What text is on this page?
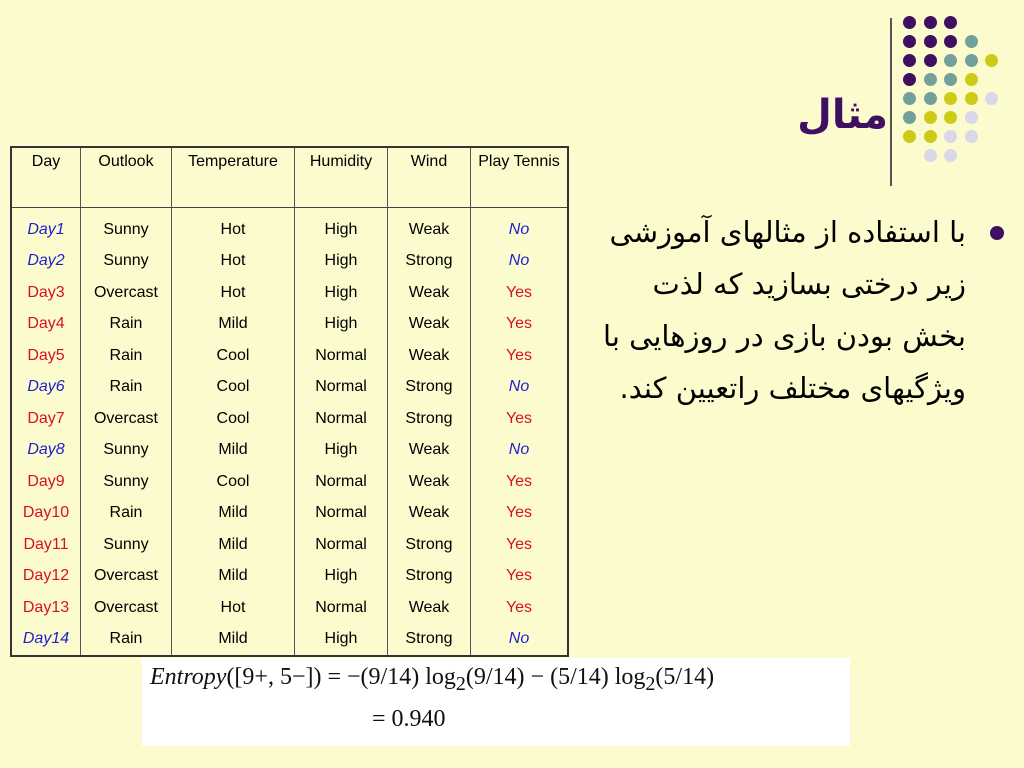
مثال
Day	Outlook	Temperature	Humidity	Wind	Play Tennis
Day1	Sunny	Hot	High	Weak	No
Day2	Sunny	Hot	High	Strong	No
Day3	Overcast	Hot	High	Weak	Yes
Day4	Rain	Mild	High	Weak	Yes
Day5	Rain	Cool	Normal	Weak	Yes
Day6	Rain	Cool	Normal	Strong	No
Day7	Overcast	Cool	Normal	Strong	Yes
Day8	Sunny	Mild	High	Weak	No
Day9	Sunny	Cool	Normal	Weak	Yes
Day10	Rain	Mild	Normal	Weak	Yes
Day11	Sunny	Mild	Normal	Strong	Yes
Day12	Overcast	Mild	High	Strong	Yes
Day13	Overcast	Hot	Normal	Weak	Yes
Day14	Rain	Mild	High	Strong	No
با استفاده از مثالهای آموزشی زیر درختی بسازید که لذت بخش بودن بازی در روزهایی با ویژگیهای مختلف راتعیین کند.
Entropy([9+, 5−]) = −(9/14) $\log_2(9/14) - (5/14)$ $\log_2(5/14)$
= 0.940
